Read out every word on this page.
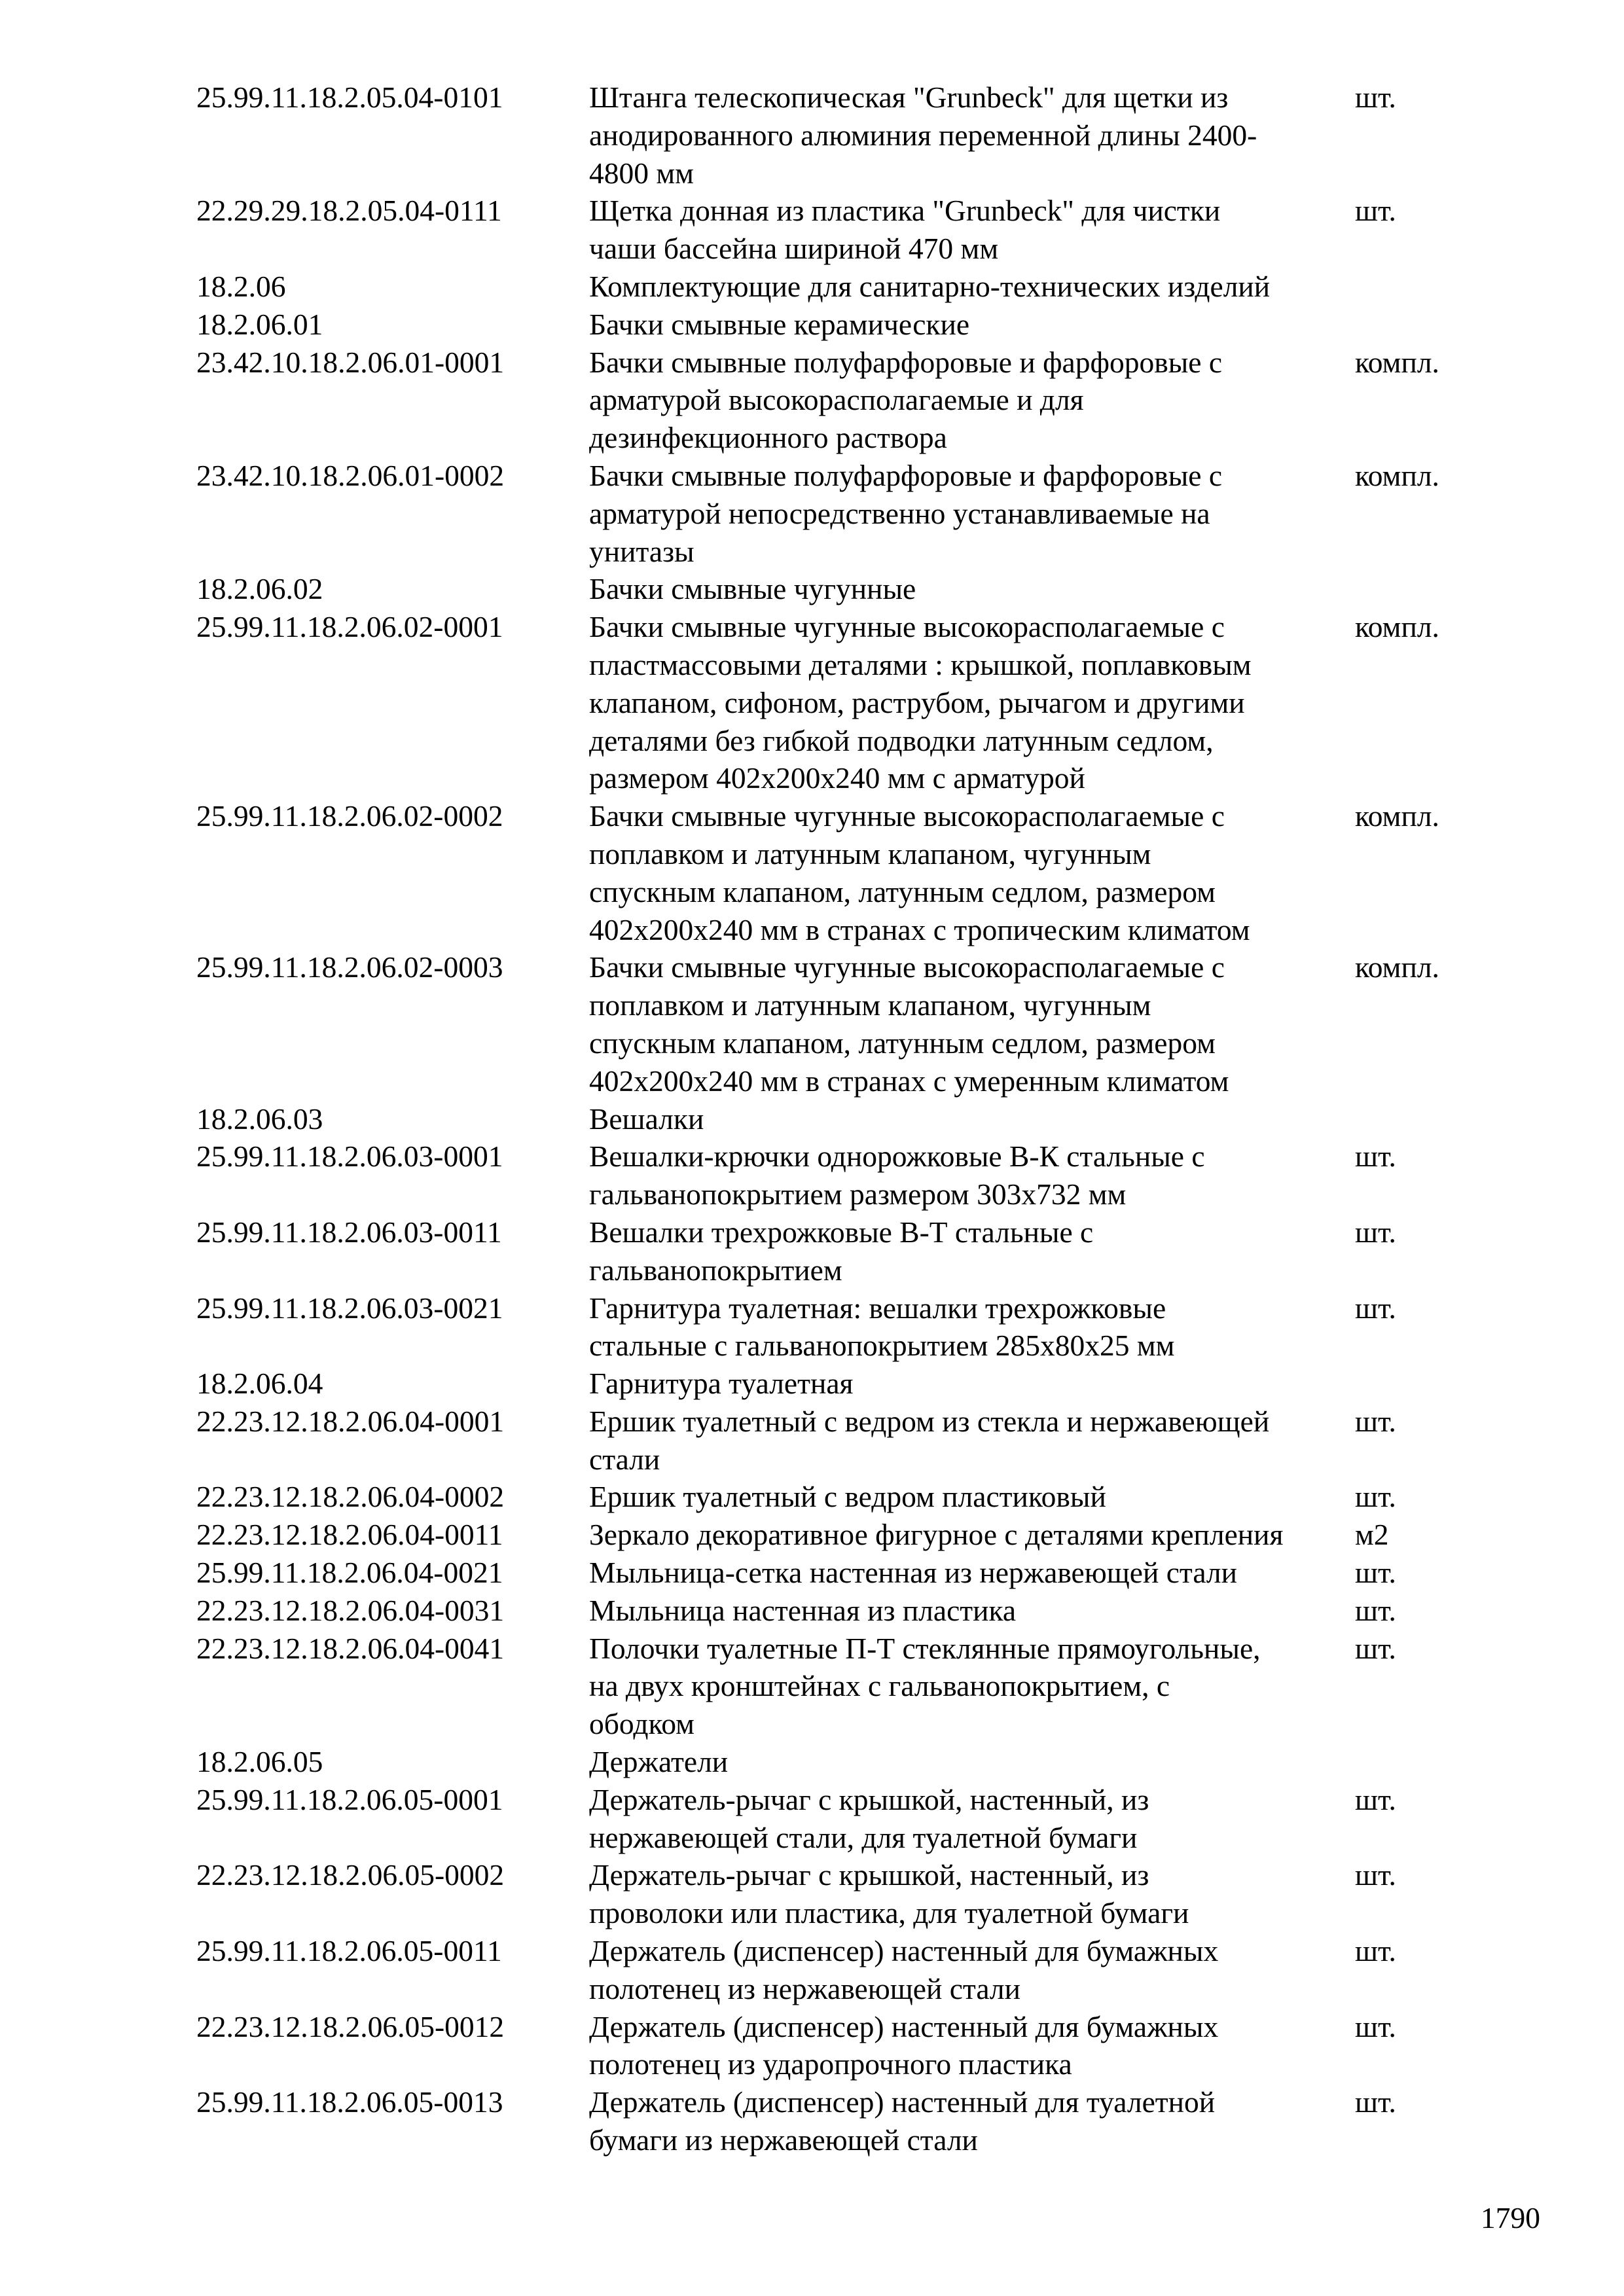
25.99.11.18.2.05.04-0101	Штанга телескопическая "Grunbeck" для щетки из
анодированного алюминия переменной длины 2400-
4800 мм
шт.
22.29.29.18.2.05.04-0111	Щетка донная из пластика "Grunbeck" для чистки
чаши бассейна шириной 470 мм
шт.
18.2.06	Комплектующие для санитарно-технических изделий
18.2.06.01	Бачки смывные керамические
23.42.10.18.2.06.01-0001	Бачки смывные полуфарфоровые и фарфоровые с
арматурой высокорасполагаемые и для
дезинфекционного раствора
компл.
23.42.10.18.2.06.01-0002	Бачки смывные полуфарфоровые и фарфоровые с
арматурой непосредственно устанавливаемые на
унитазы
компл.
18.2.06.02	Бачки смывные чугунные
25.99.11.18.2.06.02-0001	Бачки смывные чугунные высокорасполагаемые с
пластмассовыми деталями : крышкой, поплавковым
клапаном, сифоном, раструбом, рычагом и другими
деталями без гибкой подводки латунным седлом,
размером 402х200х240 мм с арматурой
компл.
25.99.11.18.2.06.02-0002	Бачки смывные чугунные высокорасполагаемые с
поплавком и латунным клапаном, чугунным
спускным клапаном, латунным седлом, размером
402х200х240 мм в странах с тропическим климатом
компл.
25.99.11.18.2.06.02-0003	Бачки смывные чугунные высокорасполагаемые с
поплавком и латунным клапаном, чугунным
спускным клапаном, латунным седлом, размером
402х200х240 мм в странах с умеренным климатом
компл.
18.2.06.03	Вешалки
25.99.11.18.2.06.03-0001	Вешалки-крючки однорожковые В-К стальные с
гальванопокрытием размером 303х732 мм
шт.
25.99.11.18.2.06.03-0011	Вешалки трехрожковые В-Т стальные с
гальванопокрытием
шт.
25.99.11.18.2.06.03-0021	Гарнитура туалетная: вешалки трехрожковые
стальные с гальванопокрытием 285х80х25 мм
шт.
18.2.06.04	Гарнитура туалетная
22.23.12.18.2.06.04-0001	Ершик туалетный с ведром из стекла и нержавеющей
стали
шт.
22.23.12.18.2.06.04-0002	Ершик туалетный с ведром пластиковый	шт.
22.23.12.18.2.06.04-0011	Зеркало декоративное фигурное с деталями крепления	м2
25.99.11.18.2.06.04-0021	Мыльница-сетка настенная из нержавеющей стали	шт.
22.23.12.18.2.06.04-0031	Мыльница настенная из пластика	шт.
22.23.12.18.2.06.04-0041	Полочки туалетные П-Т стеклянные прямоугольные,
на двух кронштейнах с гальванопокрытием, с
ободком
шт.
18.2.06.05	Держатели
25.99.11.18.2.06.05-0001	Держатель-рычаг с крышкой, настенный, из
нержавеющей стали, для туалетной бумаги
шт.
22.23.12.18.2.06.05-0002	Держатель-рычаг с крышкой, настенный, из
проволоки или пластика, для туалетной бумаги
шт.
25.99.11.18.2.06.05-0011	Держатель (диспенсер) настенный для бумажных
полотенец из нержавеющей стали
шт.
22.23.12.18.2.06.05-0012	Держатель (диспенсер) настенный для бумажных
полотенец из ударопрочного пластика
шт.
25.99.11.18.2.06.05-0013	Держатель (диспенсер) настенный для туалетной
бумаги из нержавеющей стали
шт.
1790
